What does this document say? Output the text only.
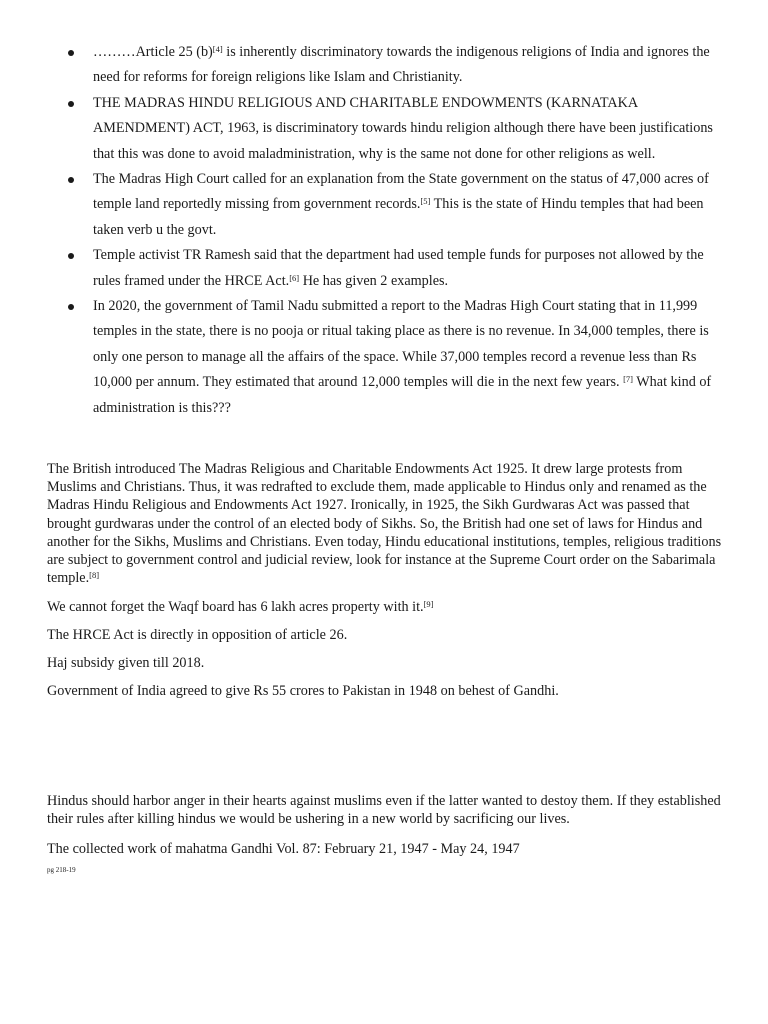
………Article 25 (b)[4] is inherently discriminatory towards the indigenous religions of India and ignores the need for reforms for foreign religions like Islam and Christianity.
THE MADRAS HINDU RELIGIOUS AND CHARITABLE ENDOWMENTS (KARNATAKA AMENDMENT) ACT, 1963, is discriminatory towards hindu religion although there have been justifications that this was done to avoid maladministration, why is the same not done for other religions as well.
The Madras High Court called for an explanation from the State government on the status of 47,000 acres of temple land reportedly missing from government records.[5] This is the state of Hindu temples that had been taken verb u the govt.
Temple activist TR Ramesh said that the department had used temple funds for purposes not allowed by the rules framed under the HRCE Act.[6] He has given 2 examples.
In 2020, the government of Tamil Nadu submitted a report to the Madras High Court stating that in 11,999 temples in the state, there is no pooja or ritual taking place as there is no revenue. In 34,000 temples, there is only one person to manage all the affairs of the space. While 37,000 temples record a revenue less than Rs 10,000 per annum. They estimated that around 12,000 temples will die in the next few years. [7] What kind of administration is this???

The British introduced The Madras Religious and Charitable Endowments Act 1925. It drew large protests from Muslims and Christians. Thus, it was redrafted to exclude them, made applicable to Hindus only and renamed as the Madras Hindu Religious and Endowments Act 1927. Ironically, in 1925, the Sikh Gurdwaras Act was passed that brought gurdwaras under the control of an elected body of Sikhs. So, the British had one set of laws for Hindus and another for the Sikhs, Muslims and Christians. Even today, Hindu educational institutions, temples, religious traditions are subject to government control and judicial review, look for instance at the Supreme Court order on the Sabarimala temple.[8]

We cannot forget the Waqf board has 6 lakh acres property with it.[9]

The HRCE Act is directly in opposition of article 26.

Haj subsidy given till 2018.

Government of India agreed to give Rs 55 crores to Pakistan in 1948 on behest of Gandhi.

Hindus should harbor anger in their hearts against muslims even if the latter wanted to destoy them. If they established their rules after killing hindus we would be ushering in a new world by sacrificing our lives.

The collected work of mahatma Gandhi Vol. 87: February 21, 1947 - May 24, 1947

pg 218-19
